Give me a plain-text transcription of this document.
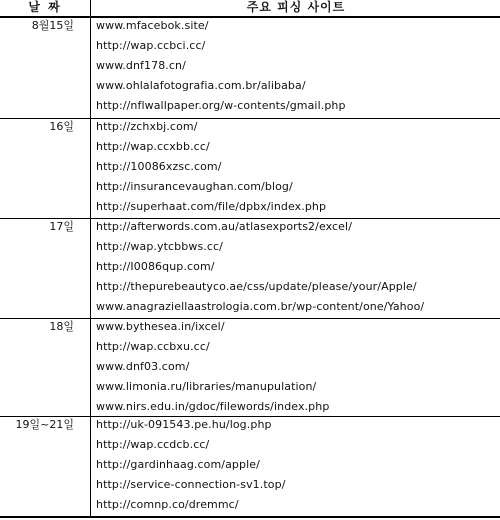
날 짜	주요 피싱 사이트
8월15일 www.mfacebok.site/
http://wap.ccbci.cc/
www.dnf178.cn/
www.ohlalafotografia.com.br/alibaba/
http://nflwallpaper.org/w-contents/gmail.php
16일 http://zchxbj.com/
http://wap.ccxbb.cc/
http://10086xzsc.com/
http://insurancevaughan.com/blog/
http://superhaat.com/file/dpbx/index.php
17일 http://afterwords.com.au/atlasexports2/excel/
http://wap.ytcbbws.cc/
http://I0086qup.com/
http://thepurebeautyco.ae/css/update/please/your/Apple/
www.anagraziellaastrologia.com.br/wp-content/one/Yahoo/
18일 www.bythesea.in/ixcel/
http://wap.ccbxu.cc/
www.dnf03.com/
www.limonia.ru/libraries/manupulation/
www.nirs.edu.in/gdoc/filewords/index.php
19일~21일 http://uk-091543.pe.hu/log.php
http://wap.ccdcb.cc/
http://gardinhaag.com/apple/
http://service-connection-sv1.top/
http://comnp.co/dremmc/
